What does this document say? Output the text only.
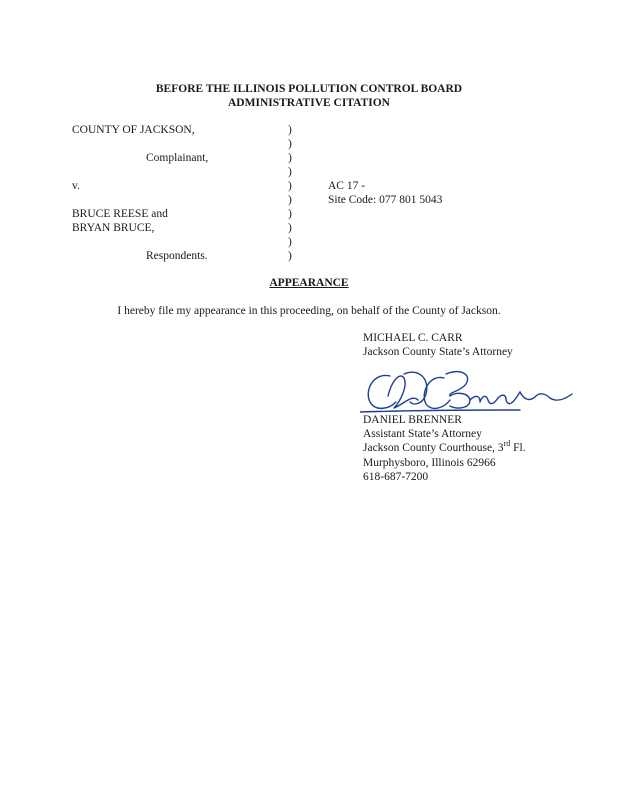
BEFORE THE ILLINOIS POLLUTION CONTROL BOARD
ADMINISTRATIVE CITATION
COUNTY OF JACKSON,
Complainant,
v.
BRUCE REESE and
BRYAN BRUCE,
Respondents.
)
)
)
)
)
)
)
)
)
)
AC 17 -
Site Code: 077 801 5043
APPEARANCE
I hereby file my appearance in this proceeding, on behalf of the County of Jackson.
MICHAEL C. CARR
Jackson County State’s Attorney
DANIEL BRENNER
Assistant State’s Attorney
Jackson County Courthouse, 3rd Fl.
Murphysboro, Illinois 62966
618-687-7200
